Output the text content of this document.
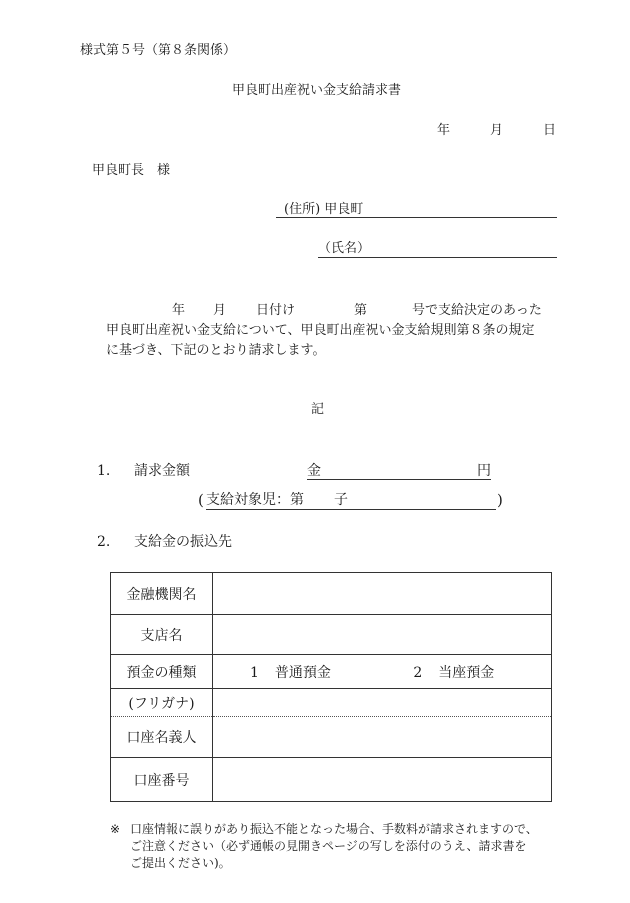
様式第５号（第８条関係）
甲良町出産祝い金支給請求書
年	月	日
甲良町長　様
(住所) 甲良町
（氏名）
年 月 日付け	第	号で支給決定のあった
甲良町出産祝い金支給について、甲良町出産祝い金支給規則第８条の規定
に基づき、下記のとおり請求します。
記
1. 請求金額	金	円
( 支給対象児：第 子	)
2. 支給金の振込先
金融機関名	
支店名	
預金の種類	1 普通預金 2 当座預金
(フリガナ)	
口座名義人	
口座番号	
※ 口座情報に誤りがあり振込不能となった場合、手数料が請求されますので、
ご注意ください（必ず通帳の見開きページの写しを添付のうえ、請求書を
ご提出ください)。
